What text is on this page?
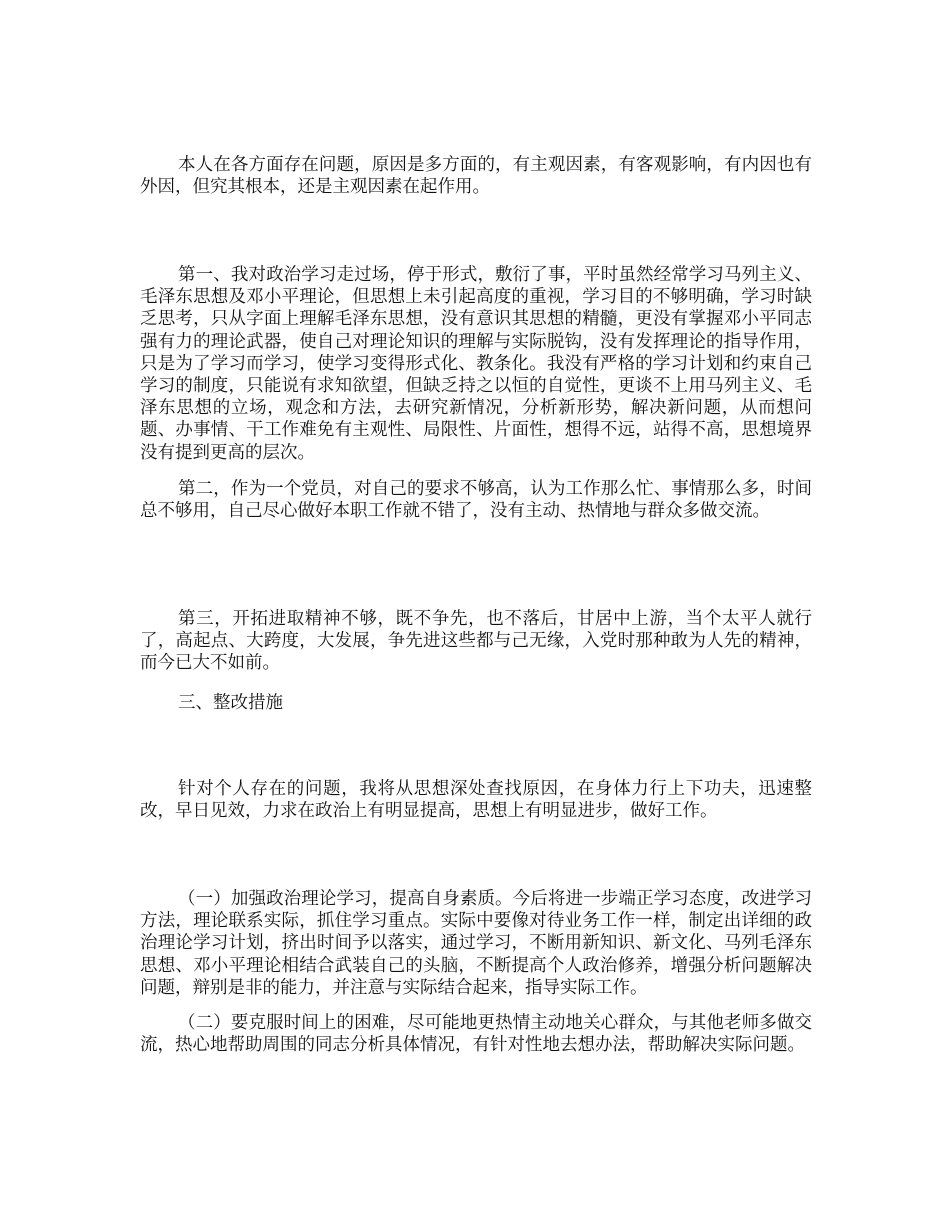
本人在各方面存在问题，原因是多方面的，有主观因素，有客观影响，有内因也有外因，但究其根本，还是主观因素在起作用。

第一、我对政治学习走过场，停于形式，敷衍了事，平时虽然经常学习马列主义、毛泽东思想及邓小平理论，但思想上未引起高度的重视，学习目的不够明确，学习时缺乏思考，只从字面上理解毛泽东思想，没有意识其思想的精髓，更没有掌握邓小平同志强有力的理论武器，使自己对理论知识的理解与实际脱钩，没有发挥理论的指导作用，只是为了学习而学习，使学习变得形式化、教条化。我没有严格的学习计划和约束自己学习的制度，只能说有求知欲望，但缺乏持之以恒的自觉性，更谈不上用马列主义、毛泽东思想的立场，观念和方法，去研究新情况，分析新形势，解决新问题，从而想问题、办事情、干工作难免有主观性、局限性、片面性，想得不远，站得不高，思想境界没有提到更高的层次。

第二，作为一个党员，对自己的要求不够高，认为工作那么忙、事情那么多，时间总不够用，自己尽心做好本职工作就不错了，没有主动、热情地与群众多做交流。

第三，开拓进取精神不够，既不争先，也不落后，甘居中上游，当个太平人就行了，高起点、大跨度，大发展，争先进这些都与己无缘，入党时那种敢为人先的精神，而今已大不如前。

三、整改措施

针对个人存在的问题，我将从思想深处查找原因，在身体力行上下功夫，迅速整改，早日见效，力求在政治上有明显提高，思想上有明显进步，做好工作。

（一）加强政治理论学习，提高自身素质。今后将进一步端正学习态度，改进学习方法，理论联系实际，抓住学习重点。实际中要像对待业务工作一样，制定出详细的政治理论学习计划，挤出时间予以落实，通过学习，不断用新知识、新文化、马列毛泽东思想、邓小平理论相结合武装自己的头脑，不断提高个人政治修养，增强分析问题解决问题，辩别是非的能力，并注意与实际结合起来，指导实际工作。

（二）要克服时间上的困难，尽可能地更热情主动地关心群众，与其他老师多做交流，热心地帮助周围的同志分析具体情况，有针对性地去想办法，帮助解决实际问题。
